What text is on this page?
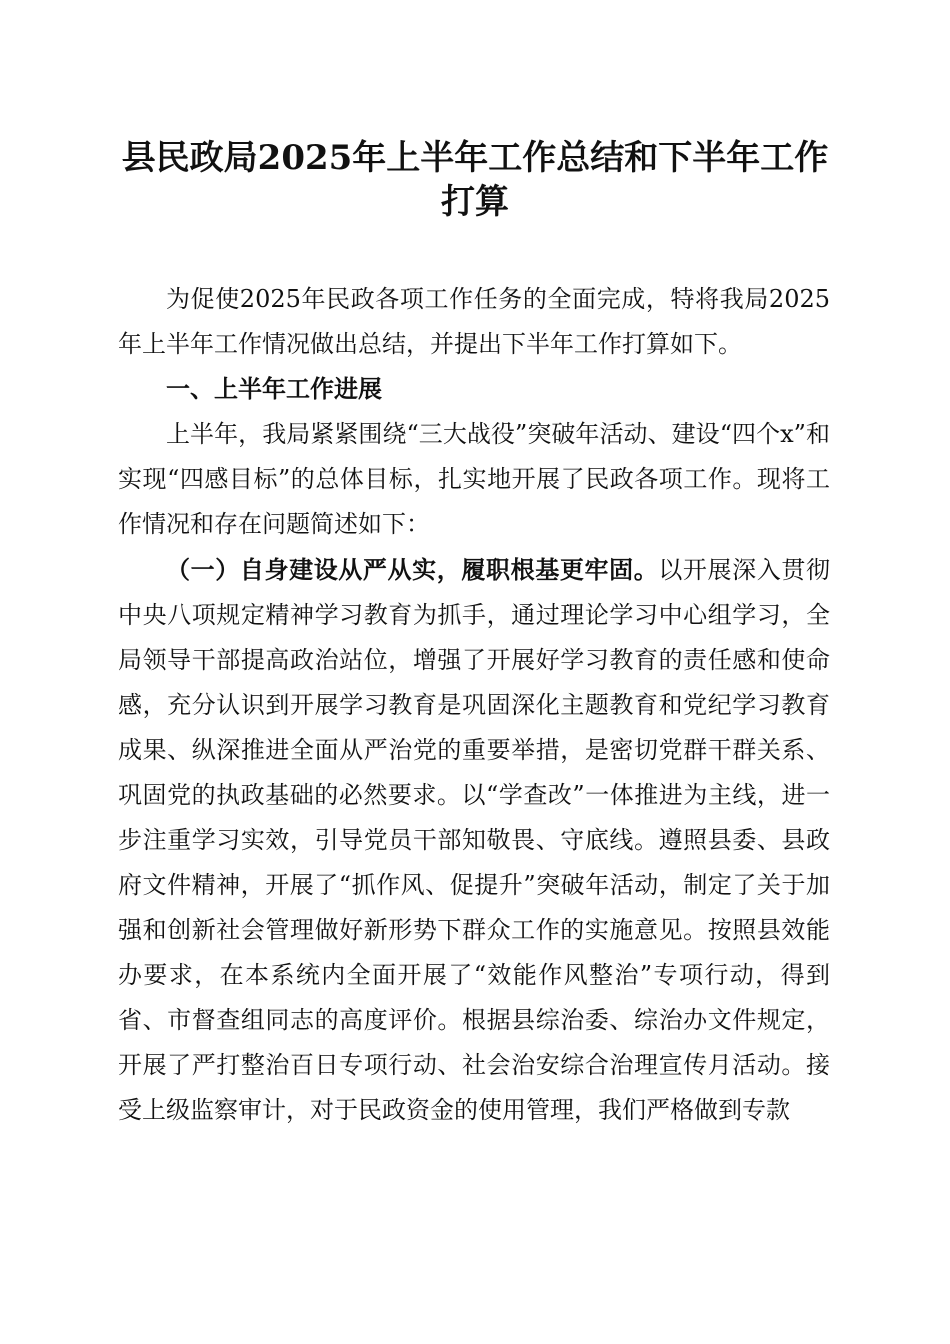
县民政局2025年上半年工作总结和下半年工作打算

为促使2025年民政各项工作任务的全面完成，特将我局2025年上半年工作情况做出总结，并提出下半年工作打算如下。

一、上半年工作进展

上半年，我局紧紧围绕“三大战役”突破年活动、建设“四个x”和实现“四感目标”的总体目标，扎实地开展了民政各项工作。现将工作情况和存在问题简述如下：

（一）自身建设从严从实，履职根基更牢固。以开展深入贯彻中央八项规定精神学习教育为抓手，通过理论学习中心组学习，全局领导干部提高政治站位，增强了开展好学习教育的责任感和使命感，充分认识到开展学习教育是巩固深化主题教育和党纪学习教育成果、纵深推进全面从严治党的重要举措，是密切党群干群关系、巩固党的执政基础的必然要求。以“学查改”一体推进为主线，进一步注重学习实效，引导党员干部知敬畏、守底线。遵照县委、县政府文件精神，开展了“抓作风、促提升”突破年活动，制定了关于加强和创新社会管理做好新形势下群众工作的实施意见。按照县效能办要求，在本系统内全面开展了“效能作风整治”专项行动，得到省、市督查组同志的高度评价。根据县综治委、综治办文件规定，开展了严打整治百日专项行动、社会治安综合治理宣传月活动。接受上级监察审计，对于民政资金的使用管理，我们严格做到专款
